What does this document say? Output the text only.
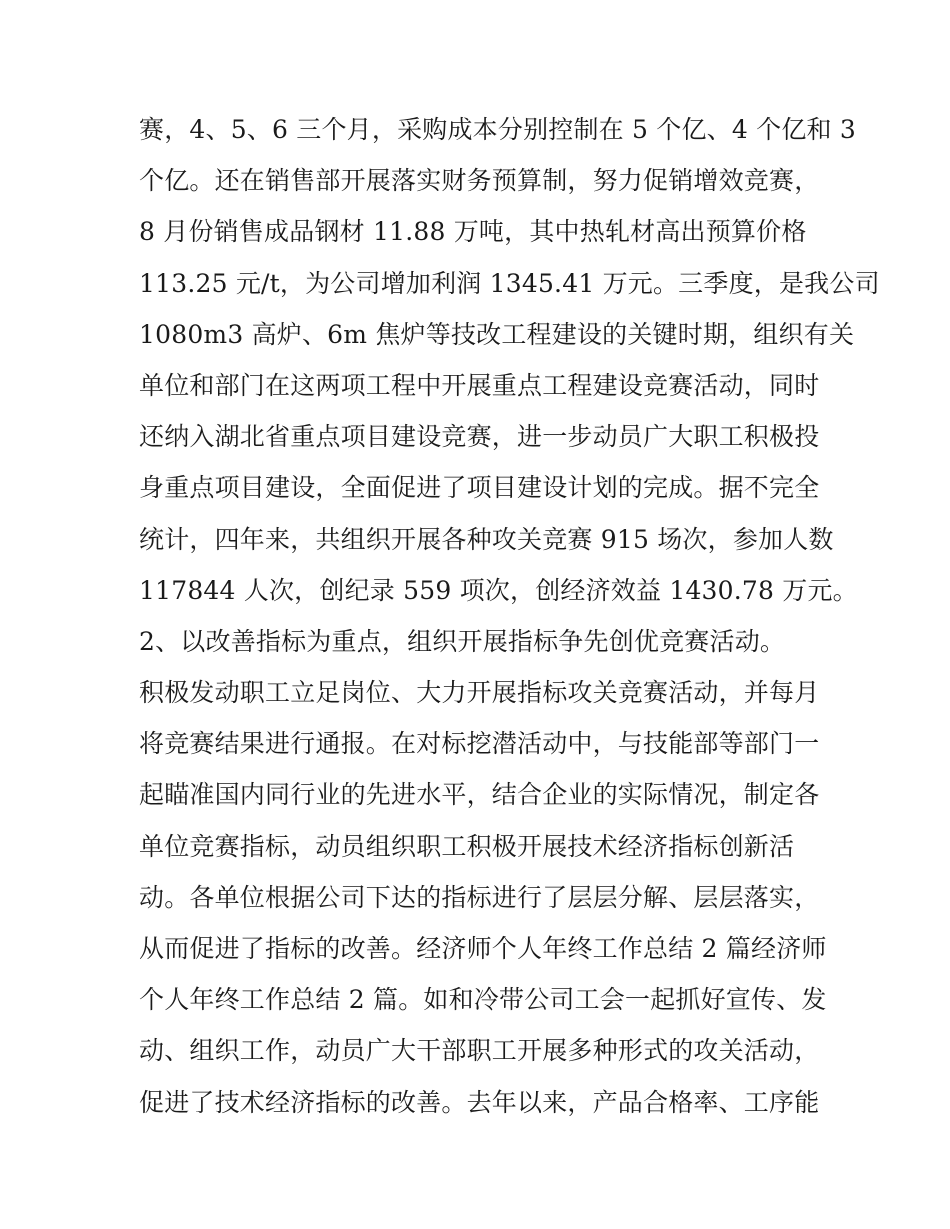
赛，4、5、6 三个月，采购成本分别控制在 5 个亿、4 个亿和 3
个亿。还在销售部开展落实财务预算制，努力促销增效竞赛，
8 月份销售成品钢材 11.88 万吨，其中热轧材高出预算价格
113.25 元/t，为公司增加利润 1345.41 万元。三季度，是我公司
1080m3 高炉、6m 焦炉等技改工程建设的关键时期，组织有关
单位和部门在这两项工程中开展重点工程建设竞赛活动，同时
还纳入湖北省重点项目建设竞赛，进一步动员广大职工积极投
身重点项目建设，全面促进了项目建设计划的完成。据不完全
统计，四年来，共组织开展各种攻关竞赛 915 场次，参加人数
117844 人次，创纪录 559 项次，创经济效益 1430.78 万元。
2、以改善指标为重点，组织开展指标争先创优竞赛活动。
积极发动职工立足岗位、大力开展指标攻关竞赛活动，并每月
将竞赛结果进行通报。在对标挖潜活动中，与技能部等部门一
起瞄准国内同行业的先进水平，结合企业的实际情况，制定各
单位竞赛指标，动员组织职工积极开展技术经济指标创新活
动。各单位根据公司下达的指标进行了层层分解、层层落实，
从而促进了指标的改善。经济师个人年终工作总结 2 篇经济师
个人年终工作总结 2 篇。如和冷带公司工会一起抓好宣传、发
动、组织工作，动员广大干部职工开展多种形式的攻关活动，
促进了技术经济指标的改善。去年以来，产品合格率、工序能
